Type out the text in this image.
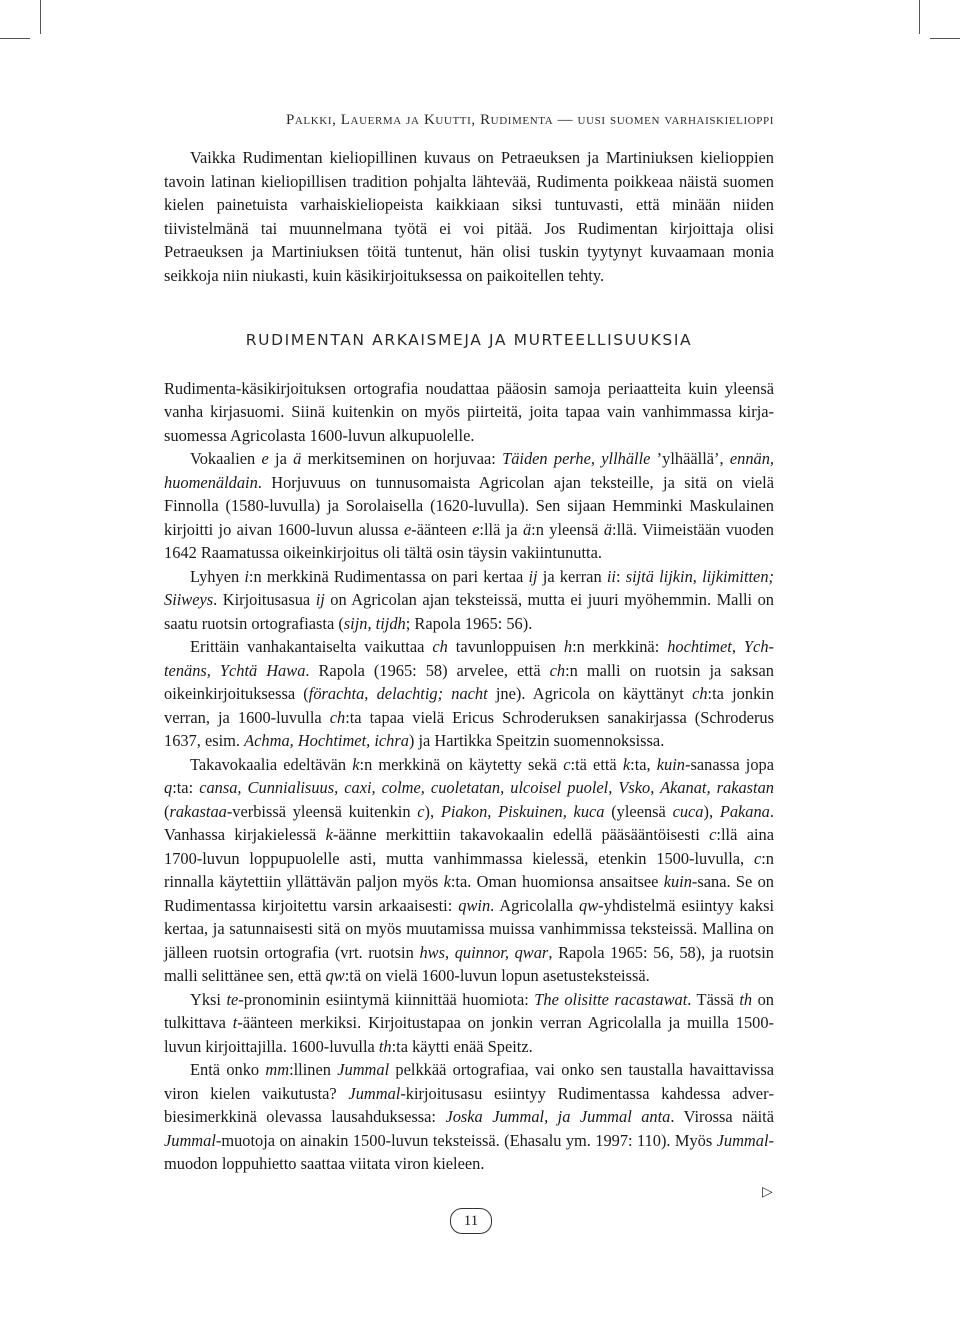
Palkki, Lauerma ja Kuutti, Rudimenta — uusi suomen varhaiskielioppi

Vaikka Rudimentan kieliopillinen kuvaus on Petraeuksen ja Martiniuksen kielioppien tavoin latinan kieliopillisen tradition pohjalta lähtevää, Rudimenta poikkeaa näistä suomen kielen painetuista varhaiskieliopeista kaikkiaan siksi tuntuvasti, että minään niiden tiivistelmänä tai muunnelmana työtä ei voi pitää. Jos Rudimentan kirjoittaja olisi Petraeuksen ja Martiniuksen töitä tuntenut, hän olisi tuskin tyytynyt kuvaamaan monia seikkoja niin niukasti, kuin käsikirjoituksessa on paikoitellen tehty.

RUDIMENTAN ARKAISMEJA JA MURTEELLISUUKSIA

Rudimenta-käsikirjoituksen ortografia noudattaa pääosin samoja periaatteita kuin yleensä vanha kirjasuomi. Siinä kuitenkin on myös piirteitä, joita tapaa vain vanhimmassa kirjasuomessa Agricolasta 1600-luvun alkupuolelle.

Vokaalien e ja ä merkitseminen on horjuvaa: Täiden perhe, yllhälle ’ylhäällä’, ennän, huomenäldain. Horjuvuus on tunnusomaista Agricolan ajan teksteille, ja sitä on vielä Finnolla (1580-luvulla) ja Sorolaisella (1620-luvulla). Sen sijaan Hemminki Maskulainen kirjoitti jo aivan 1600-luvun alussa e-äänteen e:llä ja ä:n yleensä ä:llä. Viimeistään vuoden 1642 Raamatussa oikeinkirjoitus oli tältä osin täysin vakiintunutta.

Lyhyen i:n merkkinä Rudimentassa on pari kertaa ij ja kerran ii: sijtä lijkin, lijkimitten; Siiweys. Kirjoitusasua ij on Agricolan ajan teksteissä, mutta ei juuri myöhemmin. Malli on saatu ruotsin ortografiasta (sijn, tijdh; Rapola 1965: 56).

Erittäin vanhakantaiselta vaikuttaa ch tavunloppuisen h:n merkkinä: hochtimet, Ychtenäns, Ychtä Hawa. Rapola (1965: 58) arvelee, että ch:n malli on ruotsin ja saksan oikeinkirjoituksessa (förachta, delachtig; nacht jne). Agricola on käyttänyt ch:ta jonkin verran, ja 1600-luvulla ch:ta tapaa vielä Ericus Schroderuksen sanakirjassa (Schroderus 1637, esim. Achma, Hochtimet, ichra) ja Hartikka Speitzin suomennoksissa.

Takavokaalia edeltävän k:n merkkinä on käytetty sekä c:tä että k:ta, kuin-sanassa jopa q:ta: cansa, Cunnialisuus, caxi, colme, cuoletatan, ulcoisel puolel, Vsko, Akanat, rakastan (rakastaa-verbissä yleensä kuitenkin c), Piakon, Piskuinen, kuca (yleensä cuca), Pakana. Vanhassa kirjakielessä k-äänne merkittiin takavokaalin edellä pääsääntöisesti c:llä aina 1700-luvun loppupuolelle asti, mutta vanhimmassa kielessä, etenkin 1500-luvulla, c:n rinnalla käytettiin yllättävän paljon myös k:ta. Oman huomionsa ansaitsee kuin-sana. Se on Rudimentassa kirjoitettu varsin arkaaisesti: qwin. Agricolalla qw-yhdistelmä esiintyy kaksi kertaa, ja satunnaisesti sitä on myös muutamissa muissa vanhimmissa teksteissä. Mallina on jälleen ruotsin ortografia (vrt. ruotsin hws, quinnor, qwar, Rapola 1965: 56, 58), ja ruotsin malli selittänee sen, että qw:tä on vielä 1600-luvun lopun asetusteksteissä.

Yksi te-pronominin esiintymä kiinnittää huomiota: The olisitte racastawat. Tässä th on tulkittava t-äänteen merkiksi. Kirjoitustapaa on jonkin verran Agricolalla ja muilla 1500-luvun kirjoittajilla. 1600-luvulla th:ta käytti enää Speitz.

Entä onko mm:llinen Jummal pelkkää ortografiaa, vai onko sen taustalla havaittavissa viron kielen vaikutusta? Jummal-kirjoitusasu esiintyy Rudimentassa kahdessa adverbiesimerkkinä olevassa lausahduksessa: Joska Jummal, ja Jummal anta. Virossa näitä Jummal-muotoja on ainakin 1500-luvun teksteissä. (Ehasalu ym. 1997: 110). Myös Jummal-muodon loppuhietto saattaa viitata viron kieleen.

▷
11
